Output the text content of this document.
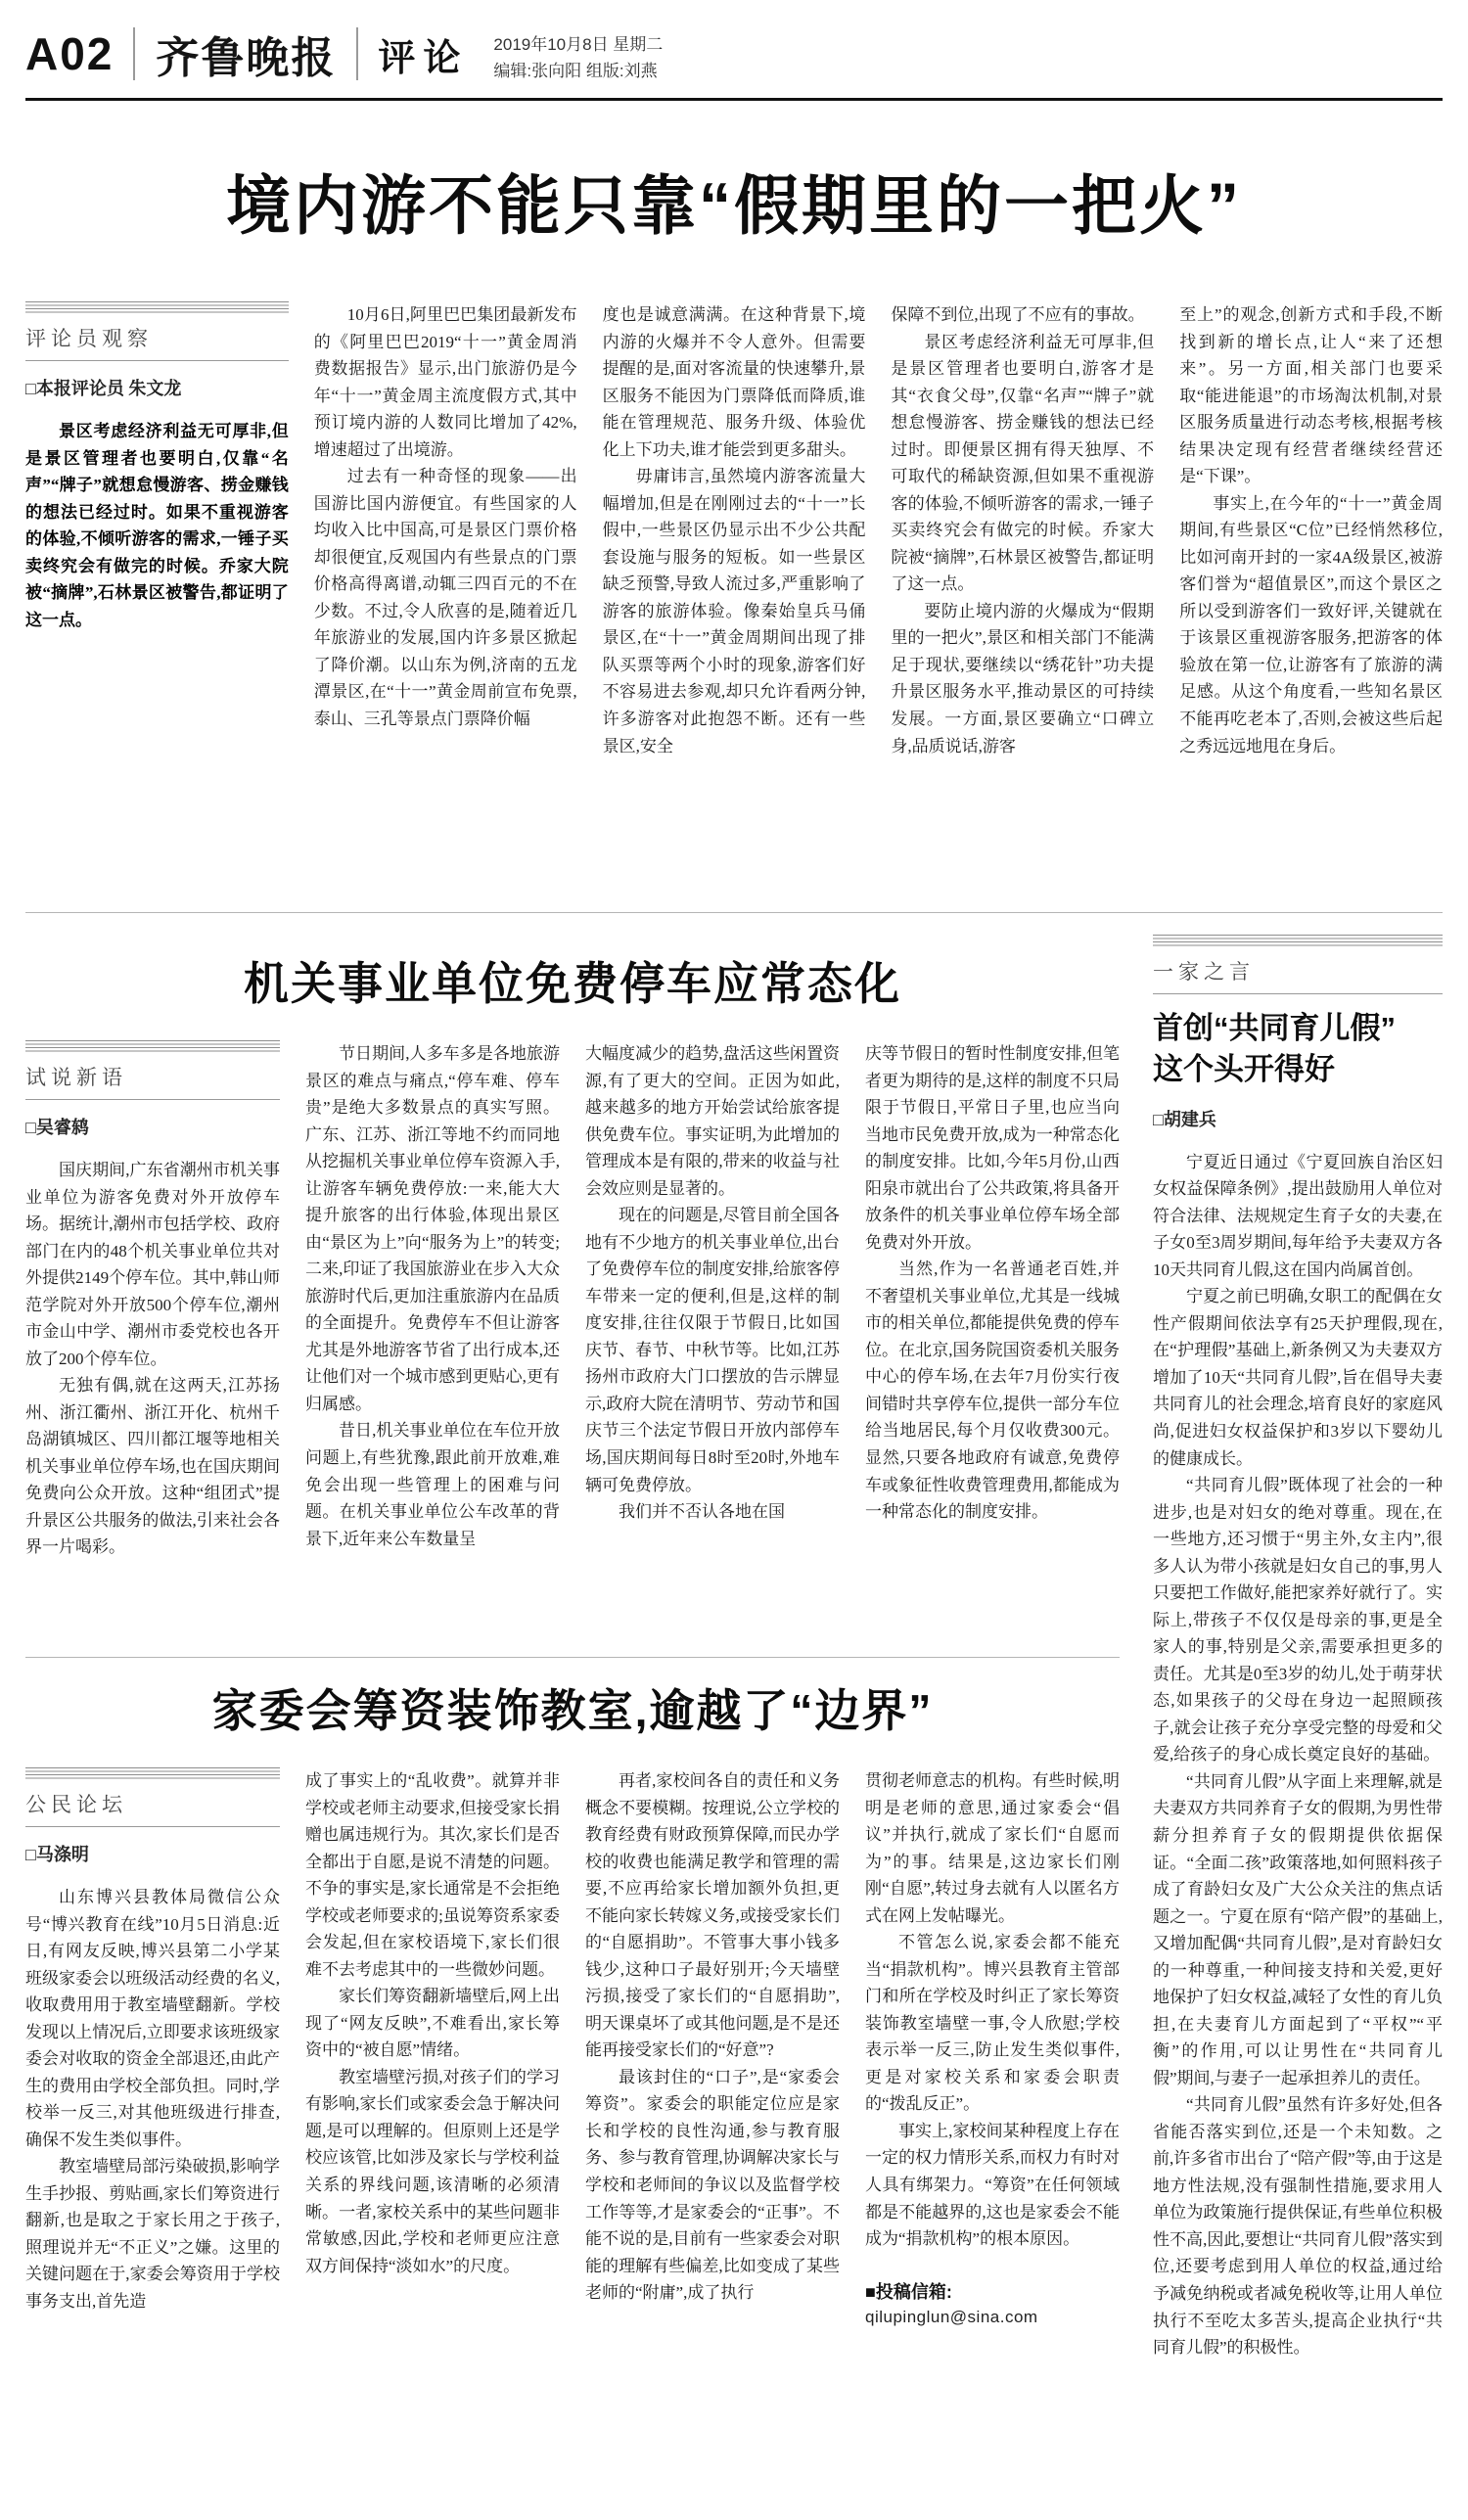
A02 齐鲁晚报 评论 2019年10月8日 星期二
编辑:张向阳 组版:刘燕
境内游不能只靠“假期里的一把火”
评论员观察
□本报评论员 朱文龙

景区考虑经济利益无可厚非,但是景区管理者也要明白,仅靠“名声”“牌子”就想怠慢游客、捞金赚钱的想法已经过时。如果不重视游客的体验,不倾听游客的需求,一锤子买卖终究会有做完的时候。乔家大院被“摘牌”,石林景区被警告,都证明了这一点。

10月6日,阿里巴巴集团最新发布的《阿里巴巴2019“十一”黄金周消费数据报告》显示,出门旅游仍是今年“十一”黄金周主流度假方式,其中预订境内游的人数同比增加了42%,增速超过了出境游。

过去有一种奇怪的现象——出国游比国内游便宜。有些国家的人均收入比中国高,可是景区门票价格却很便宜,反观国内有些景点的门票价格高得离谱,动辄三四百元的不在少数。不过,令人欣喜的是,随着近几年旅游业的发展,国内许多景区掀起了降价潮。以山东为例,济南的五龙潭景区,在“十一”黄金周前宣布免票,泰山、三孔等景点门票降价幅

度也是诚意满满。在这种背景下,境内游的火爆并不令人意外。但需要提醒的是,面对客流量的快速攀升,景区服务不能因为门票降低而降质,谁能在管理规范、服务升级、体验优化上下功夫,谁才能尝到更多甜头。

毋庸讳言,虽然境内游客流量大幅增加,但是在刚刚过去的“十一”长假中,一些景区仍显示出不少公共配套设施与服务的短板。如一些景区缺乏预警,导致人流过多,严重影响了游客的旅游体验。像秦始皇兵马俑景区,在“十一”黄金周期间出现了排队买票等两个小时的现象,游客们好不容易进去参观,却只允许看两分钟,许多游客对此抱怨不断。还有一些景区,安全

保障不到位,出现了不应有的事故。

景区考虑经济利益无可厚非,但是景区管理者也要明白,游客才是其“衣食父母”,仅靠“名声”“牌子”就想怠慢游客、捞金赚钱的想法已经过时。即便景区拥有得天独厚、不可取代的稀缺资源,但如果不重视游客的体验,不倾听游客的需求,一锤子买卖终究会有做完的时候。乔家大院被“摘牌”,石林景区被警告,都证明了这一点。

要防止境内游的火爆成为“假期里的一把火”,景区和相关部门不能满足于现状,要继续以“绣花针”功夫提升景区服务水平,推动景区的可持续发展。一方面,景区要确立“口碑立身,品质说话,游客

至上”的观念,创新方式和手段,不断找到新的增长点,让人“来了还想来”。另一方面,相关部门也要采取“能进能退”的市场淘汰机制,对景区服务质量进行动态考核,根据考核结果决定现有经营者继续经营还是“下课”。

事实上,在今年的“十一”黄金周期间,有些景区“C位”已经悄然移位,比如河南开封的一家4A级景区,被游客们誉为“超值景区”,而这个景区之所以受到游客们一致好评,关键就在于该景区重视游客服务,把游客的体验放在第一位,让游客有了旅游的满足感。从这个角度看,一些知名景区不能再吃老本了,否则,会被这些后起之秀远远地甩在身后。

机关事业单位免费停车应常态化
试说新语
□吴睿鸫

国庆期间,广东省潮州市机关事业单位为游客免费对外开放停车场。据统计,潮州市包括学校、政府部门在内的48个机关事业单位共对外提供2149个停车位。其中,韩山师范学院对外开放500个停车位,潮州市金山中学、潮州市委党校也各开放了200个停车位。

无独有偶,就在这两天,江苏扬州、浙江衢州、浙江开化、杭州千岛湖镇城区、四川都江堰等地相关机关事业单位停车场,也在国庆期间免费向公众开放。这种“组团式”提升景区公共服务的做法,引来社会各界一片喝彩。

节日期间,人多车多是各地旅游景区的难点与痛点,“停车难、停车贵”是绝大多数景点的真实写照。广东、江苏、浙江等地不约而同地从挖掘机关事业单位停车资源入手,让游客车辆免费停放:一来,能大大提升旅客的出行体验,体现出景区由“景区为上”向“服务为上”的转变;二来,印证了我国旅游业在步入大众旅游时代后,更加注重旅游内在品质的全面提升。免费停车不但让游客尤其是外地游客节省了出行成本,还让他们对一个城市感到更贴心,更有归属感。

昔日,机关事业单位在车位开放问题上,有些犹豫,跟此前开放难,难免会出现一些管理上的困难与问题。在机关事业单位公车改革的背景下,近年来公车数量呈

大幅度减少的趋势,盘活这些闲置资源,有了更大的空间。正因为如此,越来越多的地方开始尝试给旅客提供免费车位。事实证明,为此增加的管理成本是有限的,带来的收益与社会效应则是显著的。

现在的问题是,尽管目前全国各地有不少地方的机关事业单位,出台了免费停车位的制度安排,给旅客停车带来一定的便利,但是,这样的制度安排,往往仅限于节假日,比如国庆节、春节、中秋节等。比如,江苏扬州市政府大门口摆放的告示牌显示,政府大院在清明节、劳动节和国庆节三个法定节假日开放内部停车场,国庆期间每日8时至20时,外地车辆可免费停放。

我们并不否认各地在国

庆等节假日的暂时性制度安排,但笔者更为期待的是,这样的制度不只局限于节假日,平常日子里,也应当向当地市民免费开放,成为一种常态化的制度安排。比如,今年5月份,山西阳泉市就出台了公共政策,将具备开放条件的机关事业单位停车场全部免费对外开放。

当然,作为一名普通老百姓,并不奢望机关事业单位,尤其是一线城市的相关单位,都能提供免费的停车位。在北京,国务院国资委机关服务中心的停车场,在去年7月份实行夜间错时共享停车位,提供一部分车位给当地居民,每个月仅收费300元。显然,只要各地政府有诚意,免费停车或象征性收费管理费用,都能成为一种常态化的制度安排。

家委会筹资装饰教室,逾越了“边界”
公民论坛
□马涤明

山东博兴县教体局微信公众号“博兴教育在线”10月5日消息:近日,有网友反映,博兴县第二小学某班级家委会以班级活动经费的名义,收取费用用于教室墙壁翻新。学校发现以上情况后,立即要求该班级家委会对收取的资金全部退还,由此产生的费用由学校全部负担。同时,学校举一反三,对其他班级进行排查,确保不发生类似事件。

教室墙壁局部污染破损,影响学生手抄报、剪贴画,家长们筹资进行翻新,也是取之于家长用之于孩子,照理说并无“不正义”之嫌。这里的关键问题在于,家委会筹资用于学校事务支出,首先造

成了事实上的“乱收费”。就算并非学校或老师主动要求,但接受家长捐赠也属违规行为。其次,家长们是否全都出于自愿,是说不清楚的问题。不争的事实是,家长通常是不会拒绝学校或老师要求的;虽说筹资系家委会发起,但在家校语境下,家长们很难不去考虑其中的一些微妙问题。

家长们筹资翻新墙壁后,网上出现了“网友反映”,不难看出,家长筹资中的“被自愿”情绪。

教室墙壁污损,对孩子们的学习有影响,家长们或家委会急于解决问题,是可以理解的。但原则上还是学校应该管,比如涉及家长与学校利益关系的界线问题,该清晰的必须清晰。一者,家校关系中的某些问题非常敏感,因此,学校和老师更应注意双方间保持“淡如水”的尺度。

再者,家校间各自的责任和义务概念不要模糊。按理说,公立学校的教育经费有财政预算保障,而民办学校的收费也能满足教学和管理的需要,不应再给家长增加额外负担,更不能向家长转嫁义务,或接受家长们的“自愿捐助”。不管事大事小钱多钱少,这种口子最好别开;今天墙壁污损,接受了家长们的“自愿捐助”,明天课桌坏了或其他问题,是不是还能再接受家长们的“好意”?

最该封住的“口子”,是“家委会筹资”。家委会的职能定位应是家长和学校的良性沟通,参与教育服务、参与教育管理,协调解决家长与学校和老师间的争议以及监督学校工作等等,才是家委会的“正事”。不能不说的是,目前有一些家委会对职能的理解有些偏差,比如变成了某些老师的“附庸”,成了执行

贯彻老师意志的机构。有些时候,明明是老师的意思,通过家委会“倡议”并执行,就成了家长们“自愿而为”的事。结果是,这边家长们刚刚“自愿”,转过身去就有人以匿名方式在网上发帖曝光。

不管怎么说,家委会都不能充当“捐款机构”。博兴县教育主管部门和所在学校及时纠正了家长筹资装饰教室墙壁一事,令人欣慰;学校表示举一反三,防止发生类似事件,更是对家校关系和家委会职责的“拨乱反正”。

事实上,家校间某种程度上存在一定的权力情形关系,而权力有时对人具有绑架力。“筹资”在任何领域都是不能越界的,这也是家委会不能成为“捐款机构”的根本原因。

■投稿信箱:
qilupinglun@sina.com
一家之言
首创“共同育儿假”
这个头开得好
□胡建兵

宁夏近日通过《宁夏回族自治区妇女权益保障条例》,提出鼓励用人单位对符合法律、法规规定生育子女的夫妻,在子女0至3周岁期间,每年给予夫妻双方各10天共同育儿假,这在国内尚属首创。

宁夏之前已明确,女职工的配偶在女性产假期间依法享有25天护理假,现在,在“护理假”基础上,新条例又为夫妻双方增加了10天“共同育儿假”,旨在倡导夫妻共同育儿的社会理念,培育良好的家庭风尚,促进妇女权益保护和3岁以下婴幼儿的健康成长。

“共同育儿假”既体现了社会的一种进步,也是对妇女的绝对尊重。现在,在一些地方,还习惯于“男主外,女主内”,很多人认为带小孩就是妇女自己的事,男人只要把工作做好,能把家养好就行了。实际上,带孩子不仅仅是母亲的事,更是全家人的事,特别是父亲,需要承担更多的责任。尤其是0至3岁的幼儿,处于萌芽状态,如果孩子的父母在身边一起照顾孩子,就会让孩子充分享受完整的母爱和父爱,给孩子的身心成长奠定良好的基础。

“共同育儿假”从字面上来理解,就是夫妻双方共同养育子女的假期,为男性带薪分担养育子女的假期提供依据保证。“全面二孩”政策落地,如何照料孩子成了育龄妇女及广大公众关注的焦点话题之一。宁夏在原有“陪产假”的基础上,又增加配偶“共同育儿假”,是对育龄妇女的一种尊重,一种间接支持和关爱,更好地保护了妇女权益,减轻了女性的育儿负担,在夫妻育儿方面起到了“平权”“平衡”的作用,可以让男性在“共同育儿假”期间,与妻子一起承担养儿的责任。

“共同育儿假”虽然有许多好处,但各省能否落实到位,还是一个未知数。之前,许多省市出台了“陪产假”等,由于这是地方性法规,没有强制性措施,要求用人单位为政策施行提供保证,有些单位积极性不高,因此,要想让“共同育儿假”落实到位,还要考虑到用人单位的权益,通过给予减免纳税或者减免税收等,让用人单位执行不至吃太多苦头,提高企业执行“共同育儿假”的积极性。
